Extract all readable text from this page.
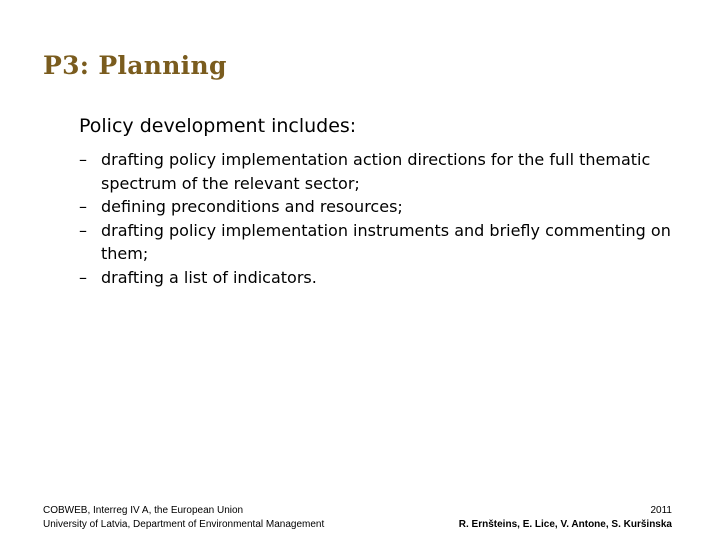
P3: Planning

Policy development includes:

– drafting policy implementation action directions for the full thematic spectrum of the relevant sector;
– defining preconditions and resources;
– drafting policy implementation instruments and briefly commenting on them;
– drafting a list of indicators.
COBWEB, Interreg IV A, the European Union
University of Latvia, Department of Environmental Management
2011
R. Ernšteins, E. Lice, V. Antone, S. Kuršinska
